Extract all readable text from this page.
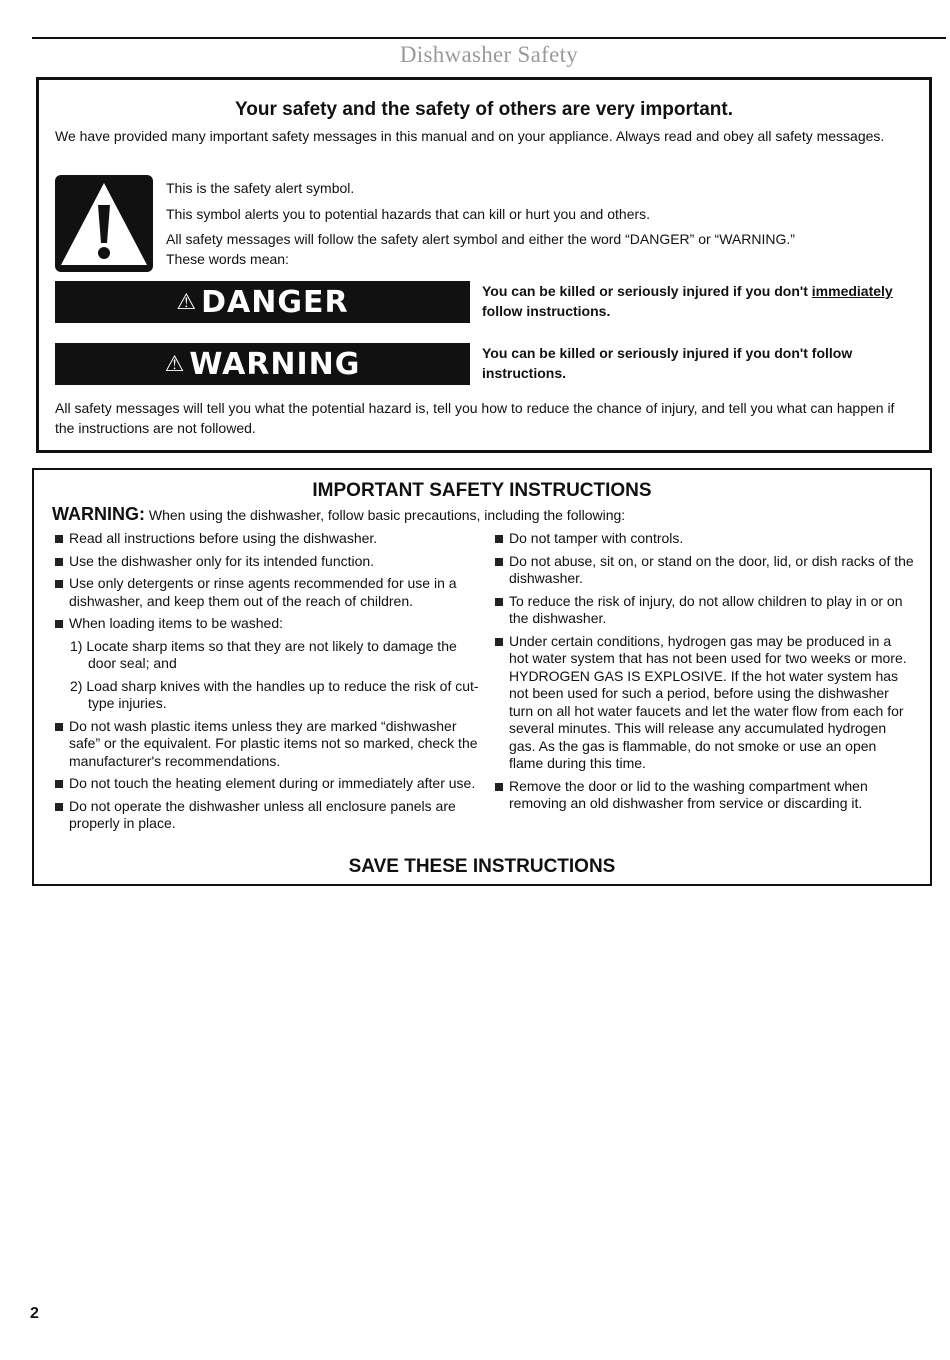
Dishwasher Safety
Your safety and the safety of others are very important.
We have provided many important safety messages in this manual and on your appliance. Always read and obey all safety messages.
This is the safety alert symbol.
This symbol alerts you to potential hazards that can kill or hurt you and others.
All safety messages will follow the safety alert symbol and either the word “DANGER” or “WARNING.”
These words mean:
⚠ DANGER	You can be killed or seriously injured if you don't immediately follow instructions.
⚠ WARNING	You can be killed or seriously injured if you don't follow instructions.
All safety messages will tell you what the potential hazard is, tell you how to reduce the chance of injury, and tell you what can happen if the instructions are not followed.
IMPORTANT SAFETY INSTRUCTIONS
WARNING: When using the dishwasher, follow basic precautions, including the following:
Read all instructions before using the dishwasher.
Use the dishwasher only for its intended function.
Use only detergents or rinse agents recommended for use in a dishwasher, and keep them out of the reach of children.
When loading items to be washed:
1) Locate sharp items so that they are not likely to damage the door seal; and
2) Load sharp knives with the handles up to reduce the risk of cut-type injuries.
Do not wash plastic items unless they are marked “dishwasher safe” or the equivalent. For plastic items not so marked, check the manufacturer's recommendations.
Do not touch the heating element during or immediately after use.
Do not operate the dishwasher unless all enclosure panels are properly in place.
Do not tamper with controls.
Do not abuse, sit on, or stand on the door, lid, or dish racks of the dishwasher.
To reduce the risk of injury, do not allow children to play in or on the dishwasher.
Under certain conditions, hydrogen gas may be produced in a hot water system that has not been used for two weeks or more. HYDROGEN GAS IS EXPLOSIVE. If the hot water system has not been used for such a period, before using the dishwasher turn on all hot water faucets and let the water flow from each for several minutes. This will release any accumulated hydrogen gas. As the gas is flammable, do not smoke or use an open flame during this time.
Remove the door or lid to the washing compartment when removing an old dishwasher from service or discarding it.
SAVE THESE INSTRUCTIONS
2
